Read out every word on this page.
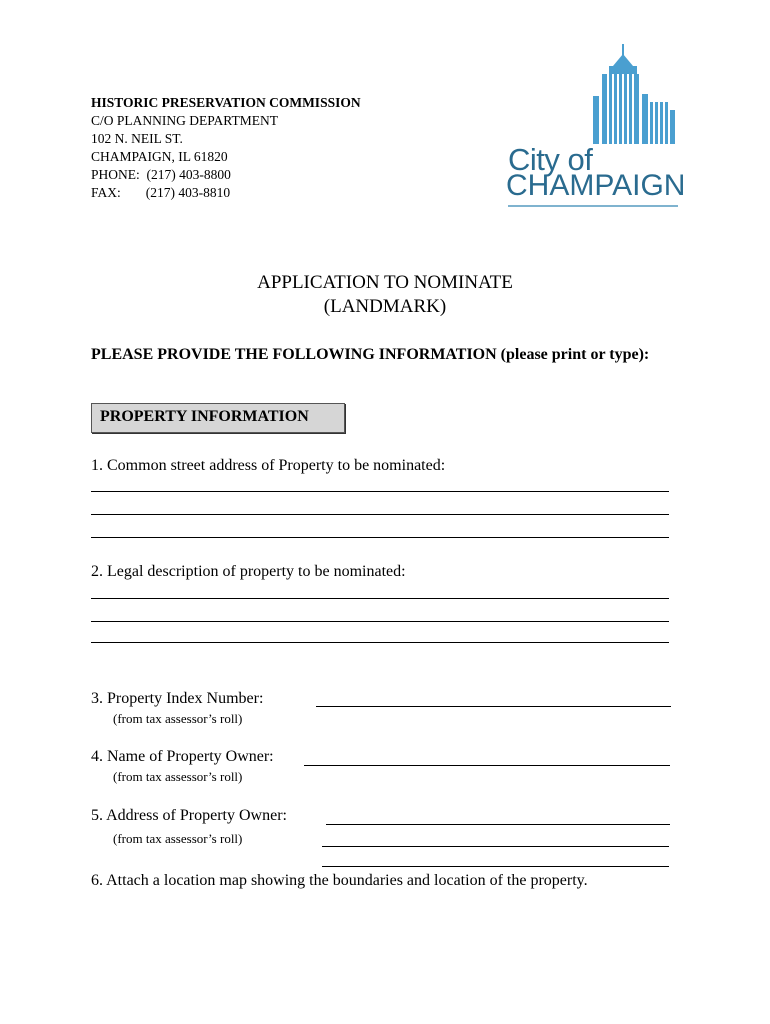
HISTORIC PRESERVATION COMMISSION
C/O PLANNING DEPARTMENT
102 N. NEIL ST.
CHAMPAIGN, IL 61820
PHONE: (217) 403-8800
FAX: (217) 403-8810
City of
CHAMPAIGN
APPLICATION TO NOMINATE
(LANDMARK)
PLEASE PROVIDE THE FOLLOWING INFORMATION (please print or type):
PROPERTY INFORMATION
1. Common street address of Property to be nominated:
2. Legal description of property to be nominated:
3. Property Index Number:
(from tax assessor’s roll)
4. Name of Property Owner:
(from tax assessor’s roll)
5. Address of Property Owner:
(from tax assessor’s roll)
6. Attach a location map showing the boundaries and location of the property.
